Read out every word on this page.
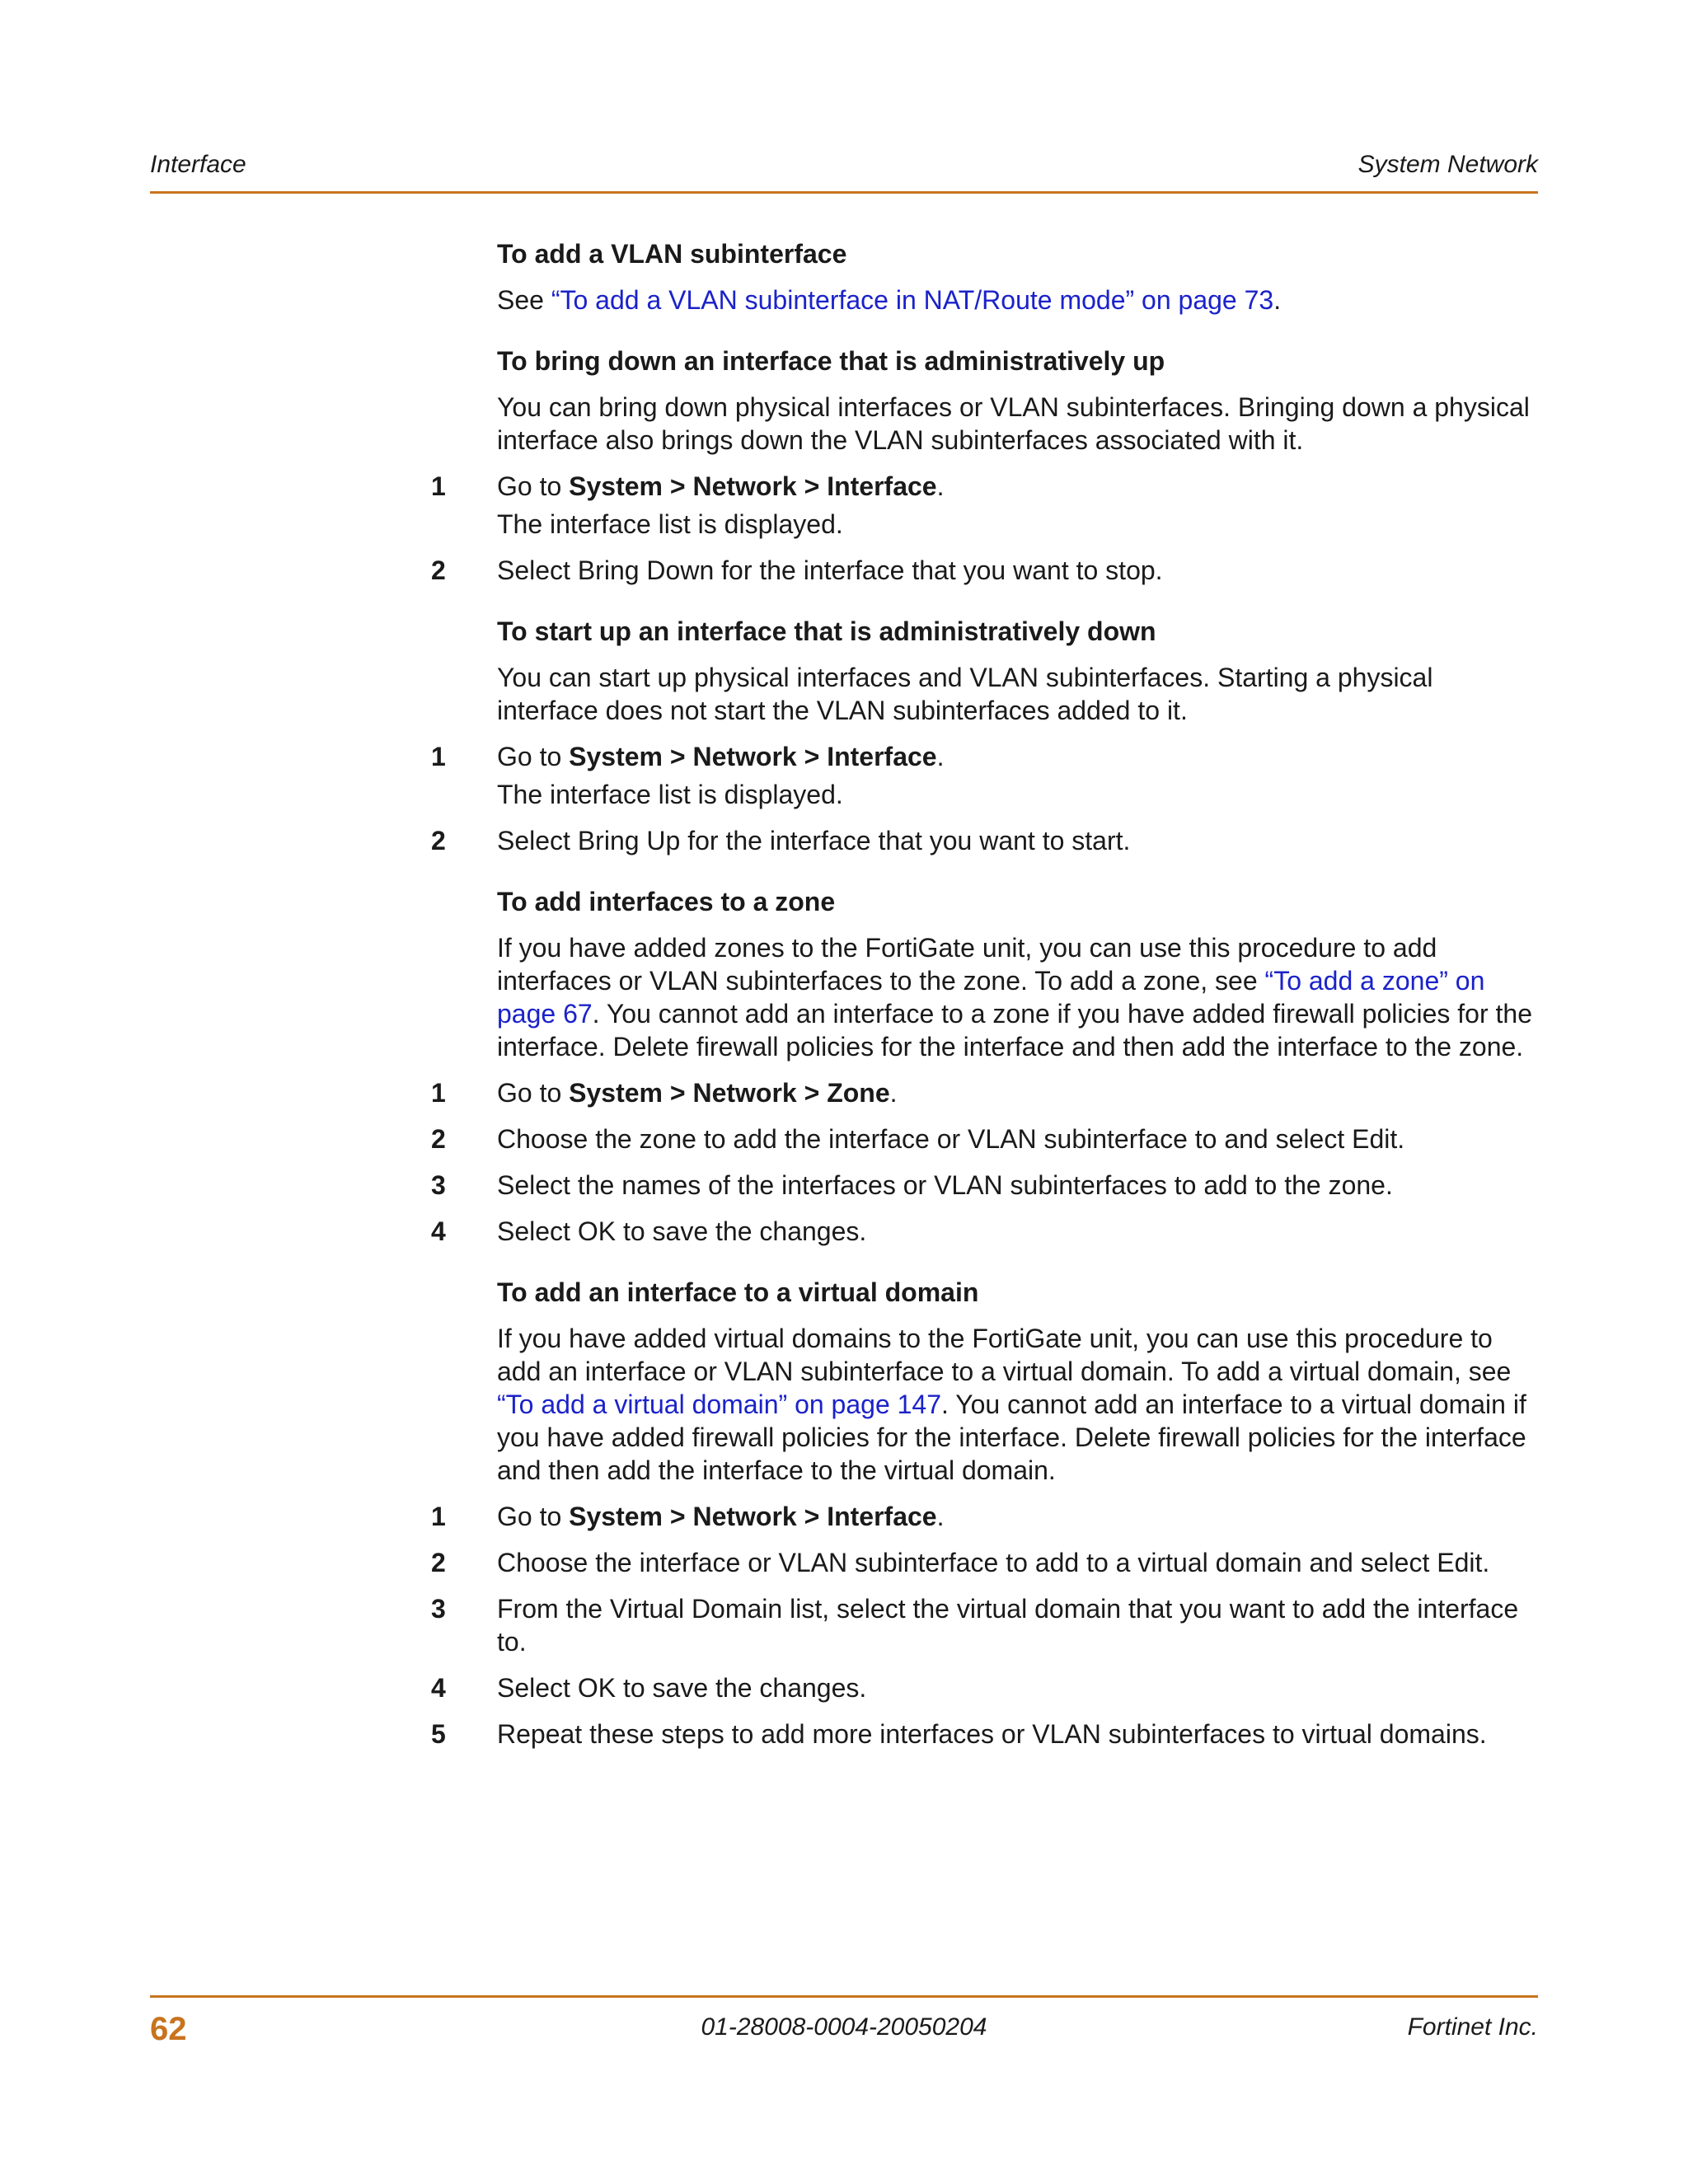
Interface	System Network
To add a VLAN subinterface
See “To add a VLAN subinterface in NAT/Route mode” on page 73.
To bring down an interface that is administratively up
You can bring down physical interfaces or VLAN subinterfaces. Bringing down a physical interface also brings down the VLAN subinterfaces associated with it.
1	Go to System > Network > Interface.
The interface list is displayed.
2	Select Bring Down for the interface that you want to stop.
To start up an interface that is administratively down
You can start up physical interfaces and VLAN subinterfaces. Starting a physical interface does not start the VLAN subinterfaces added to it.
1	Go to System > Network > Interface.
The interface list is displayed.
2	Select Bring Up for the interface that you want to start.
To add interfaces to a zone
If you have added zones to the FortiGate unit, you can use this procedure to add interfaces or VLAN subinterfaces to the zone. To add a zone, see “To add a zone” on page 67. You cannot add an interface to a zone if you have added firewall policies for the interface. Delete firewall policies for the interface and then add the interface to the zone.
1	Go to System > Network > Zone.
2	Choose the zone to add the interface or VLAN subinterface to and select Edit.
3	Select the names of the interfaces or VLAN subinterfaces to add to the zone.
4	Select OK to save the changes.
To add an interface to a virtual domain
If you have added virtual domains to the FortiGate unit, you can use this procedure to add an interface or VLAN subinterface to a virtual domain. To add a virtual domain, see “To add a virtual domain” on page 147. You cannot add an interface to a virtual domain if you have added firewall policies for the interface. Delete firewall policies for the interface and then add the interface to the virtual domain.
1	Go to System > Network > Interface.
2	Choose the interface or VLAN subinterface to add to a virtual domain and select Edit.
3	From the Virtual Domain list, select the virtual domain that you want to add the interface to.
4	Select OK to save the changes.
5	Repeat these steps to add more interfaces or VLAN subinterfaces to virtual domains.
62	01-28008-0004-20050204	Fortinet Inc.
